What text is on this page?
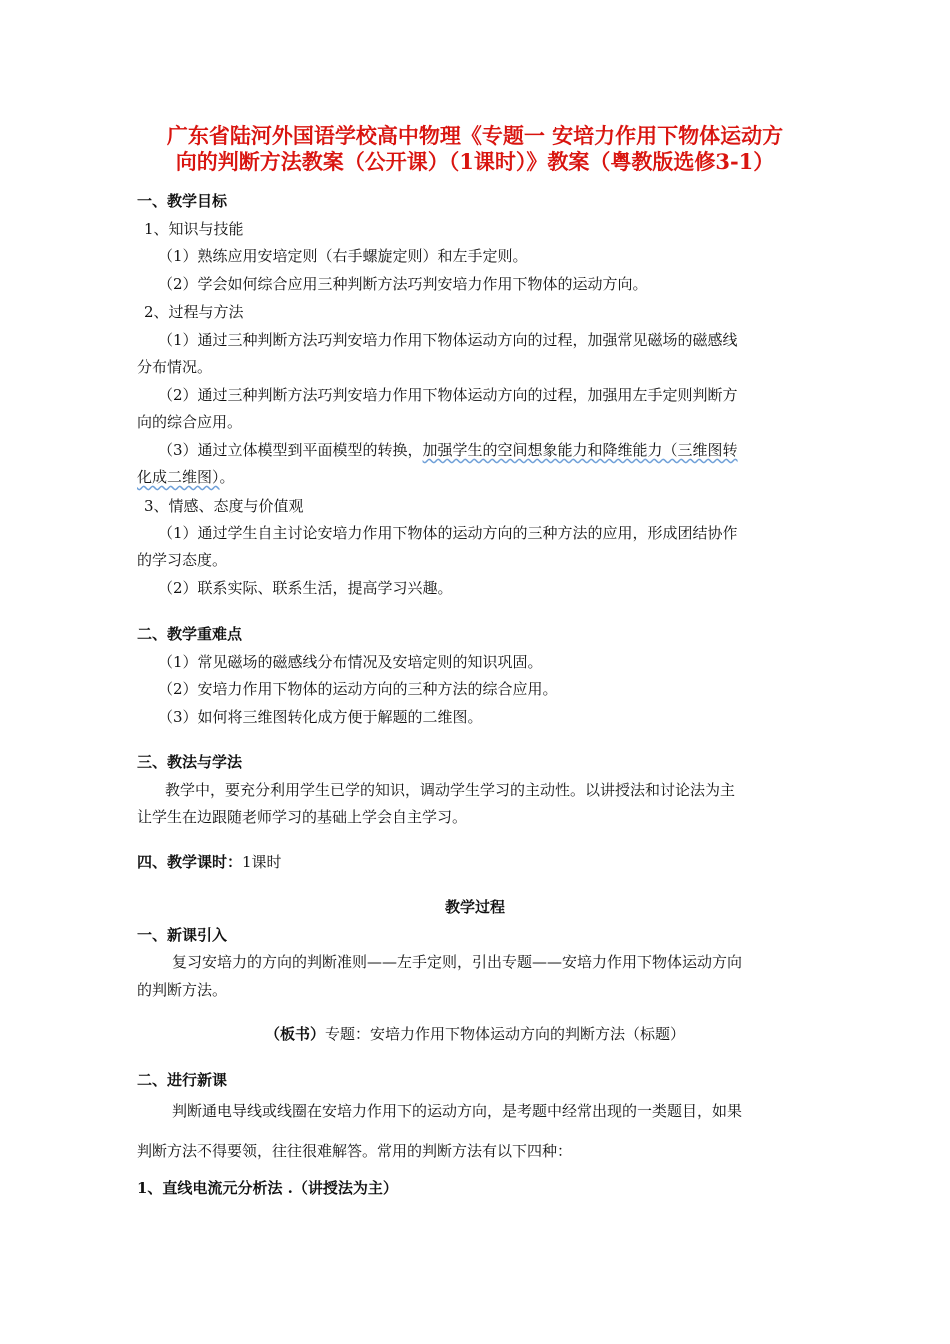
广东省陆河外国语学校高中物理《专题一 安培力作用下物体运动方
向的判断方法教案（公开课）（1课时）》教案（粤教版选修3-1）
一、教学目标
1、知识与技能
（1）熟练应用安培定则（右手螺旋定则）和左手定则。
（2）学会如何综合应用三种判断方法巧判安培力作用下物体的运动方向。
2、过程与方法
（1）通过三种判断方法巧判安培力作用下物体运动方向的过程，加强常见磁场的磁感线
分布情况。
（2）通过三种判断方法巧判安培力作用下物体运动方向的过程，加强用左手定则判断方
向的综合应用。
（3）通过立体模型到平面模型的转换，加强学生的空间想象能力和降维能力（三维图转
化成二维图）。
3、情感、态度与价值观
（1）通过学生自主讨论安培力作用下物体的运动方向的三种方法的应用，形成团结协作
的学习态度。
（2）联系实际、联系生活，提高学习兴趣。
二、教学重难点
（1）常见磁场的磁感线分布情况及安培定则的知识巩固。
（2）安培力作用下物体的运动方向的三种方法的综合应用。
（3）如何将三维图转化成方便于解题的二维图。
三、教法与学法
教学中，要充分利用学生已学的知识，调动学生学习的主动性。以讲授法和讨论法为主
让学生在边跟随老师学习的基础上学会自主学习。
四、教学课时：1课时
教学过程
一、新课引入
复习安培力的方向的判断准则——左手定则，引出专题——安培力作用下物体运动方向
的判断方法。
（板书）专题：安培力作用下物体运动方向的判断方法（标题）
二、进行新课
判断通电导线或线圈在安培力作用下的运动方向，是考题中经常出现的一类题目，如果
判断方法不得要领，往往很难解答。常用的判断方法有以下四种：
1、直线电流元分析法 .（讲授法为主）
